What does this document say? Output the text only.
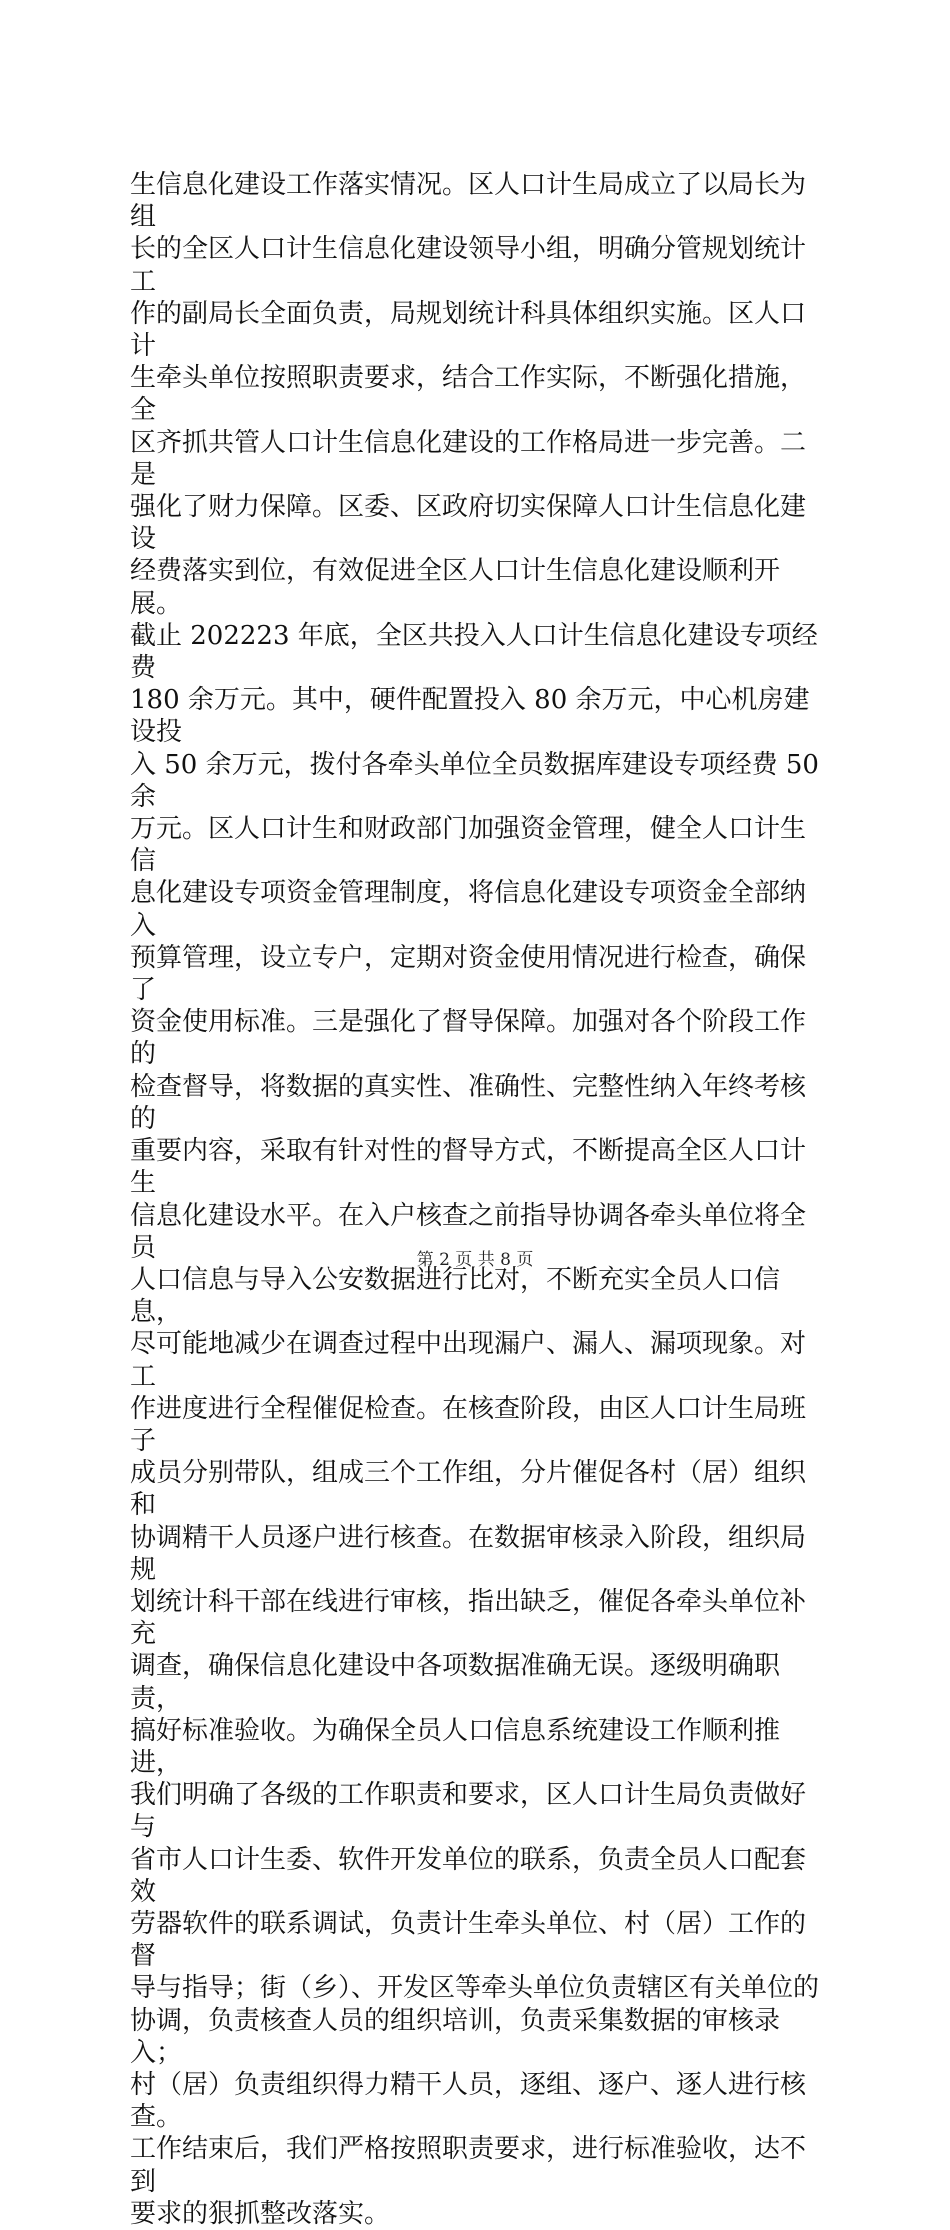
生信息化建设工作落实情况。区人口计生局成立了以局长为组
长的全区人口计生信息化建设领导小组，明确分管规划统计工
作的副局长全面负责，局规划统计科具体组织实施。区人口计
生牵头单位按照职责要求，结合工作实际，不断强化措施，全
区齐抓共管人口计生信息化建设的工作格局进一步完善。二是
强化了财力保障。区委、区政府切实保障人口计生信息化建设
经费落实到位，有效促进全区人口计生信息化建设顺利开展。
截止 202223 年底，全区共投入人口计生信息化建设专项经费
180 余万元。其中，硬件配置投入 80 余万元，中心机房建设投
入 50 余万元，拨付各牵头单位全员数据库建设专项经费 50 余
万元。区人口计生和财政部门加强资金管理，健全人口计生信
息化建设专项资金管理制度，将信息化建设专项资金全部纳入
预算管理，设立专户，定期对资金使用情况进行检查，确保了
资金使用标准。三是强化了督导保障。加强对各个阶段工作的
检查督导，将数据的真实性、准确性、完整性纳入年终考核的
重要内容，采取有针对性的督导方式，不断提高全区人口计生
信息化建设水平。在入户核查之前指导协调各牵头单位将全员
人口信息与导入公安数据进行比对，不断充实全员人口信息，
尽可能地减少在调查过程中出现漏户、漏人、漏项现象。对工
作进度进行全程催促检查。在核查阶段，由区人口计生局班子
成员分别带队，组成三个工作组，分片催促各村（居）组织和
协调精干人员逐户进行核查。在数据审核录入阶段，组织局规
划统计科干部在线进行审核，指出缺乏，催促各牵头单位补充
调查，确保信息化建设中各项数据准确无误。逐级明确职责，
搞好标准验收。为确保全员人口信息系统建设工作顺利推进，
我们明确了各级的工作职责和要求，区人口计生局负责做好与
省市人口计生委、软件开发单位的联系，负责全员人口配套效
劳器软件的联系调试，负责计生牵头单位、村（居）工作的督
导与指导；街（乡）、开发区等牵头单位负责辖区有关单位的
协调，负责核查人员的组织培训，负责采集数据的审核录入；
村（居）负责组织得力精干人员，逐组、逐户、逐人进行核查。
工作结束后，我们严格按照职责要求，进行标准验收，达不到
要求的狠抓整改落实。

第 2 页 共 8 页
